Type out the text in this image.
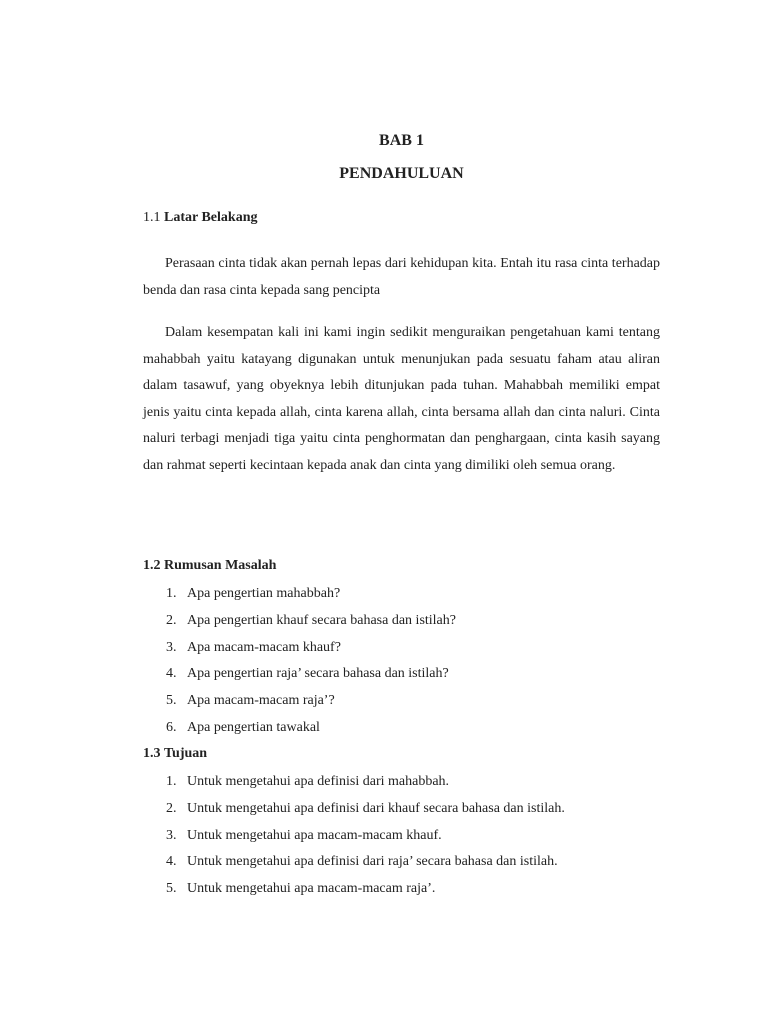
BAB 1
PENDAHULUAN
1.1 Latar Belakang

Perasaan cinta tidak akan pernah lepas dari kehidupan kita. Entah itu rasa cinta terhadap benda dan rasa cinta kepada sang pencipta

Dalam kesempatan kali ini kami ingin sedikit menguraikan pengetahuan kami tentang mahabbah yaitu katayang digunakan untuk menunjukan pada sesuatu faham atau aliran dalam tasawuf, yang obyeknya lebih ditunjukan pada tuhan. Mahabbah memiliki empat jenis yaitu cinta kepada allah, cinta karena allah, cinta bersama allah dan cinta naluri. Cinta naluri terbagi menjadi tiga yaitu cinta penghormatan dan penghargaan, cinta kasih sayang dan rahmat seperti kecintaan kepada anak dan cinta yang dimiliki oleh semua orang.

1.2 Rumusan Masalah
1. Apa pengertian mahabbah?
2. Apa pengertian khauf secara bahasa dan istilah?
3. Apa macam-macam khauf?
4. Apa pengertian raja’ secara bahasa dan istilah?
5. Apa macam-macam raja’?
6. Apa pengertian tawakal
1.3 Tujuan
1. Untuk mengetahui apa definisi dari mahabbah.
2. Untuk mengetahui apa definisi dari khauf secara bahasa dan istilah.
3. Untuk mengetahui apa macam-macam khauf.
4. Untuk mengetahui apa definisi dari raja’ secara bahasa dan istilah.
5. Untuk mengetahui apa macam-macam raja’.
